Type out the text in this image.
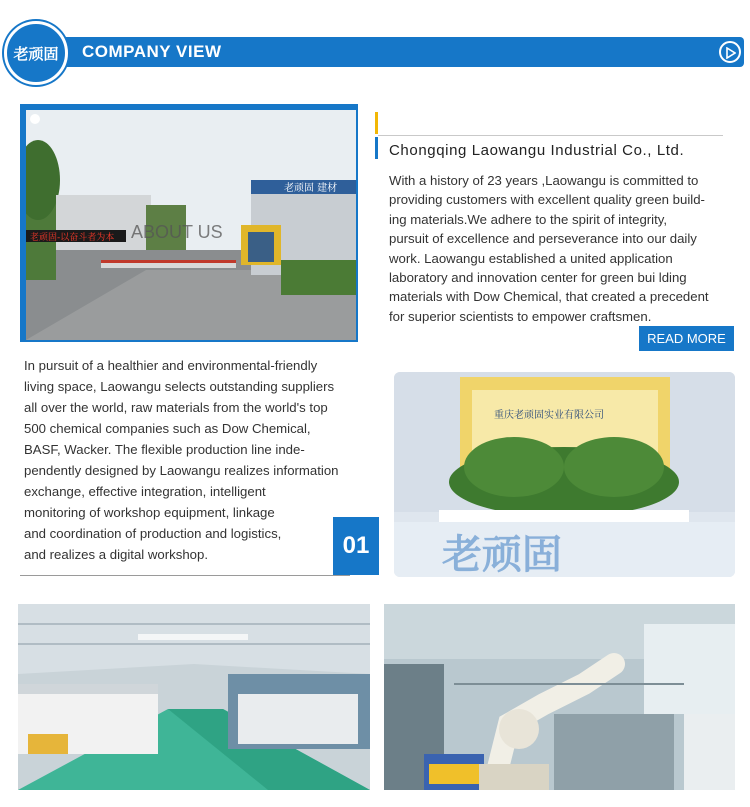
老顽固 COMPANY VIEW
老顽固 建材
老顽固-以奋斗者为本 ABOUT US
Chongqing Laowangu Industrial Co., Ltd.
With a history of 23 years ,Laowangu is committed to
providing customers with excellent quality green build-
ing materials.We adhere to the spirit of integrity,
pursuit of excellence and perseverance into our daily
work. Laowangu established a united application
laboratory and innovation center for green bui lding
materials with Dow Chemical, that created a precedent
for superior scientists to empower craftsmen.
READ MORE
In pursuit of a healthier and environmental-friendly
living space, Laowangu selects outstanding suppliers
all over the world, raw materials from the world's top
500 chemical companies such as Dow Chemical,
BASF, Wacker. The flexible production line inde-
pendently designed by Laowangu realizes information
exchange, effective integration, intelligent
monitoring of workshop equipment, linkage
and coordination of production and logistics,
and realizes a digital workshop.	01
重庆老顽固实业有限公司
老顽固
